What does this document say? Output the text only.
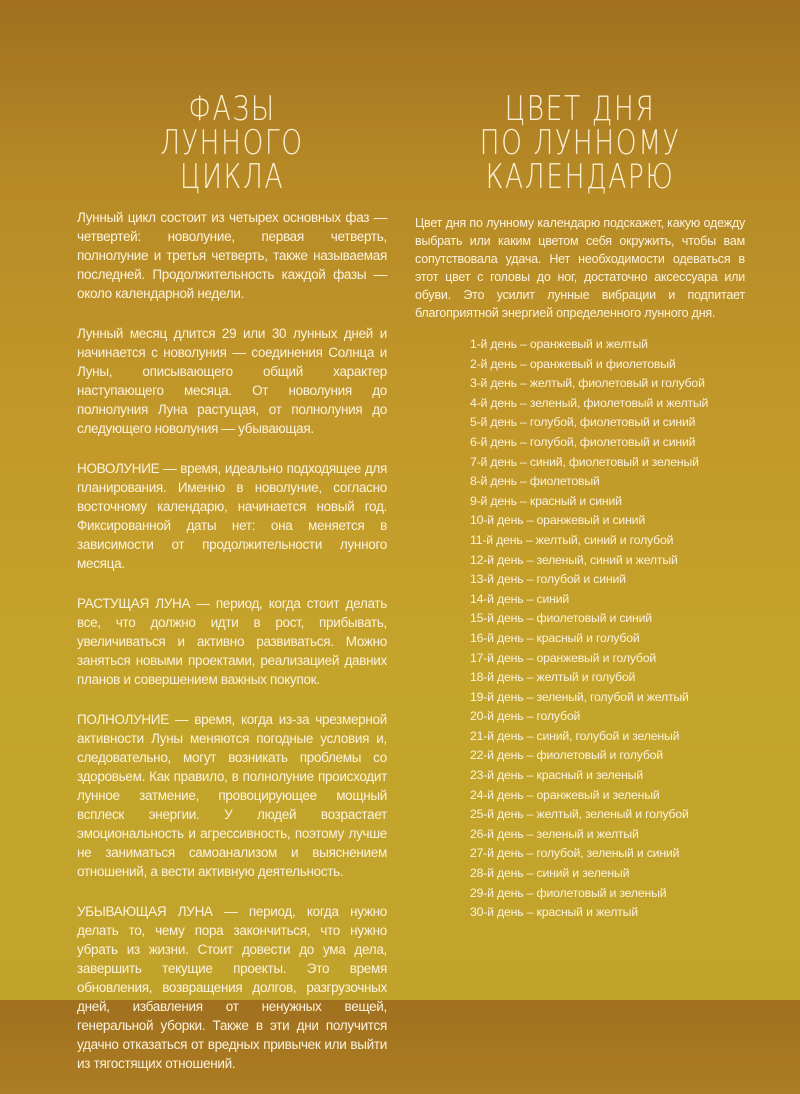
ФАЗЫ
ЛУННОГО
ЦИКЛА

Лунный цикл состоит из четырех основных фаз — четвертей: новолуние, первая четверть, полнолуние и третья четверть, также называемая последней. Продолжительность каждой фазы — около календарной недели.

Лунный месяц длится 29 или 30 лунных дней и начинается с новолуния — соединения Солнца и Луны, описывающего общий характер наступающего месяца. От новолуния до полнолуния Луна растущая, от полнолуния до следующего новолуния — убывающая.

НОВОЛУНИЕ — время, идеально подходящее для планирования. Именно в новолуние, согласно восточному календарю, начинается новый год. Фиксированной даты нет: она меняется в зависимости от продолжительности лунного месяца.

РАСТУЩАЯ ЛУНА — период, когда стоит делать все, что должно идти в рост, прибывать, увеличиваться и активно развиваться. Можно заняться новыми проектами, реализацией давних планов и совершением важных покупок.

ПОЛНОЛУНИЕ — время, когда из-за чрезмерной активности Луны меняются погодные условия и, следовательно, могут возникать проблемы со здоровьем. Как правило, в полнолуние происходит лунное затмение, провоцирующее мощный всплеск энергии. У людей возрастает эмоциональность и агрессивность, поэтому лучше не заниматься самоанализом и выяснением отношений, а вести активную деятельность.

УБЫВАЮЩАЯ ЛУНА — период, когда нужно делать то, чему пора закончиться, что нужно убрать из жизни. Стоит довести до ума дела, завершить текущие проекты. Это время обновления, возвращения долгов, разгрузочных дней, избавления от ненужных вещей, генеральной уборки. Также в эти дни получится удачно отказаться от вредных привычек или выйти из тягостящих отношений.

ЦВЕТ ДНЯ
ПО ЛУННОМУ
КАЛЕНДАРЮ

Цвет дня по лунному календарю подскажет, какую одежду выбрать или каким цветом себя окружить, чтобы вам сопутствовала удача. Нет необходимости одеваться в этот цвет с головы до ног, достаточно аксессуара или обуви. Это усилит лунные вибрации и подпитает благоприятной энергией определенного лунного дня.

1-й день – оранжевый и желтый
2-й день – оранжевый и фиолетовый
3-й день – желтый, фиолетовый и голубой
4-й день – зеленый, фиолетовый и желтый
5-й день – голубой, фиолетовый и синий
6-й день – голубой, фиолетовый и синий
7-й день – синий, фиолетовый и зеленый
8-й день – фиолетовый
9-й день – красный и синий
10-й день – оранжевый и синий
11-й день – желтый, синий и голубой
12-й день – зеленый, синий и желтый
13-й день – голубой и синий
14-й день – синий
15-й день – фиолетовый и синий
16-й день – красный и голубой
17-й день – оранжевый и голубой
18-й день – желтый и голубой
19-й день – зеленый, голубой и желтый
20-й день – голубой
21-й день – синий, голубой и зеленый
22-й день – фиолетовый и голубой
23-й день – красный и зеленый
24-й день – оранжевый и зеленый
25-й день – желтый, зеленый и голубой
26-й день – зеленый и желтый
27-й день – голубой, зеленый и синий
28-й день – синий и зеленый
29-й день – фиолетовый и зеленый
30-й день – красный и желтый
